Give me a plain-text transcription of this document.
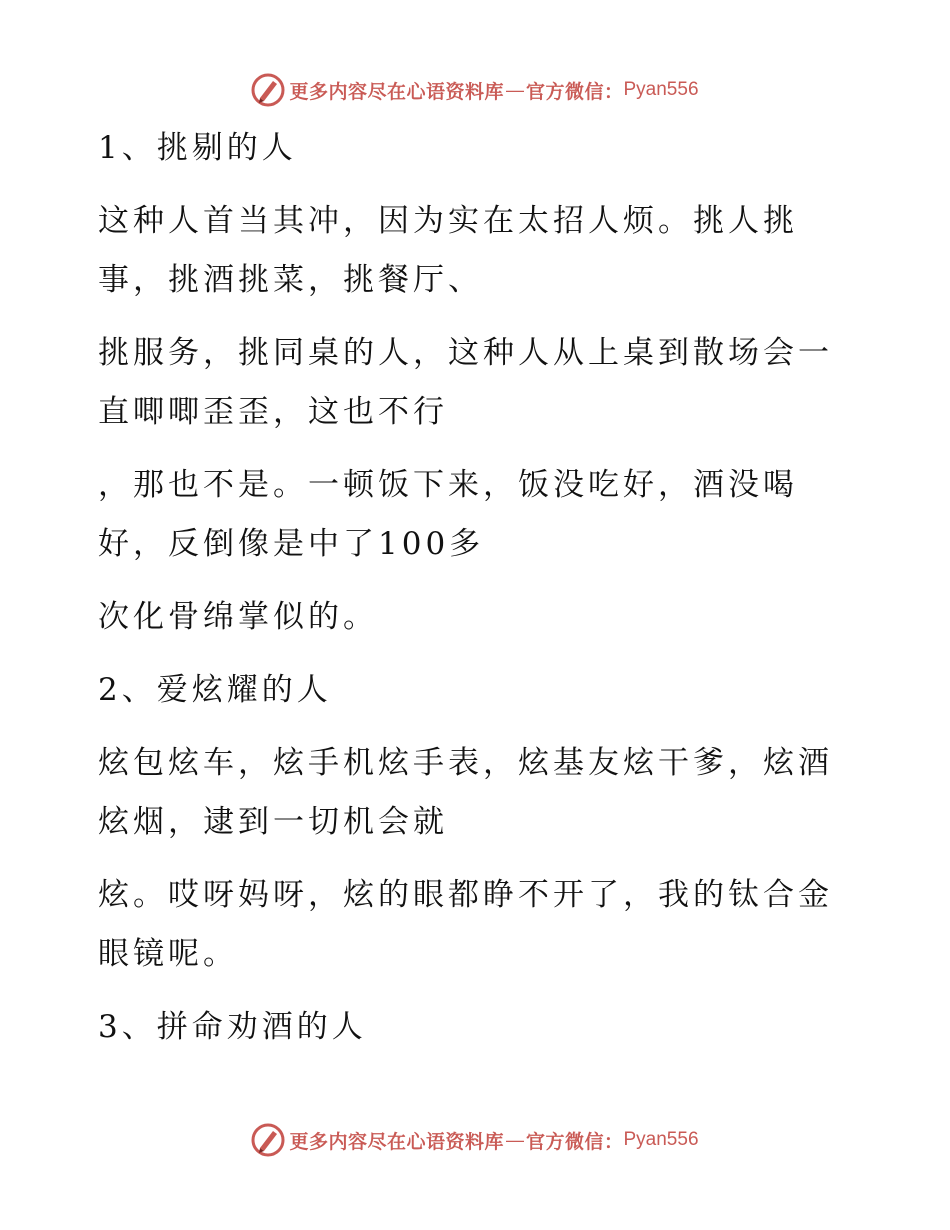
更多内容尽在心语资料库 — 官方微信： Pyan556
1、挑剔的人
这种人首当其冲，因为实在太招人烦。挑人挑
事，挑酒挑菜，挑餐厅、
挑服务，挑同桌的人，这种人从上桌到散场会一
直唧唧歪歪，这也不行
，那也不是。一顿饭下来，饭没吃好，酒没喝
好，反倒像是中了100多
次化骨绵掌似的。
2、爱炫耀的人
炫包炫车，炫手机炫手表，炫基友炫干爹，炫酒
炫烟，逮到一切机会就
炫。哎呀妈呀，炫的眼都睁不开了，我的钛合金
眼镜呢。
3、拼命劝酒的人
更多内容尽在心语资料库 — 官方微信： Pyan556
